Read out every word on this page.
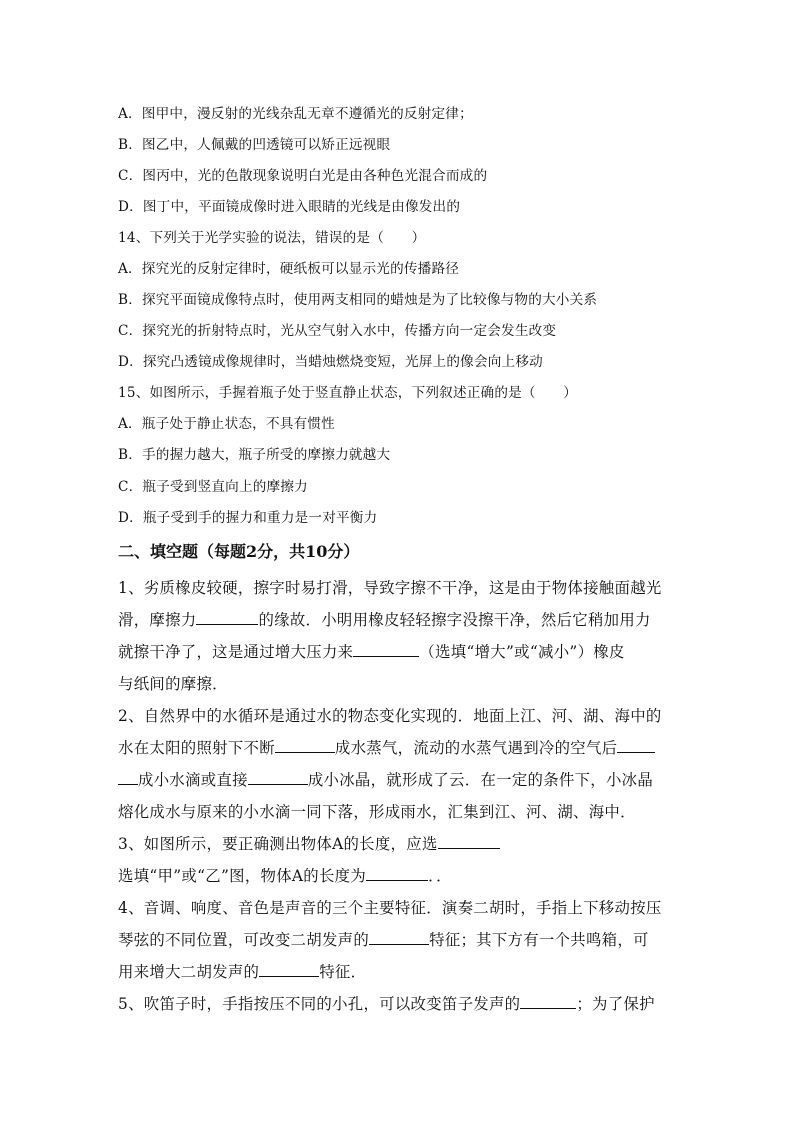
A．图甲中，漫反射的光线杂乱无章不遵循光的反射定律；
B．图乙中，人佩戴的凹透镜可以矫正远视眼
C．图丙中，光的色散现象说明白光是由各种色光混合而成的
D．图丁中，平面镜成像时进入眼睛的光线是由像发出的
14、下列关于光学实验的说法，错误的是（　　）
A．探究光的反射定律时，硬纸板可以显示光的传播路径
B．探究平面镜成像特点时，使用两支相同的蜡烛是为了比较像与物的大小关系
C．探究光的折射特点时，光从空气射入水中，传播方向一定会发生改变
D．探究凸透镜成像规律时，当蜡烛燃烧变短，光屏上的像会向上移动
15、如图所示，手握着瓶子处于竖直静止状态，下列叙述正确的是（　　）
A．瓶子处于静止状态，不具有惯性
B．手的握力越大，瓶子所受的摩擦力就越大
C．瓶子受到竖直向上的摩擦力
D．瓶子受到手的握力和重力是一对平衡力
二、填空题（每题2分，共10分）
1、劣质橡皮较硬，擦字时易打滑，导致字擦不干净，这是由于物体接触面越光
滑，摩擦力	的缘故．小明用橡皮轻轻擦字没擦干净，然后它稍加用力
就擦干净了，这是通过增大压力来	（选填“增大”或“减小”）橡皮
与纸间的摩擦．
2、自然界中的水循环是通过水的物态变化实现的．地面上江、河、湖、海中的
水在太阳的照射下不断	成水蒸气，流动的水蒸气遇到冷的空气后
成小水滴或直接	成小冰晶，就形成了云．在一定的条件下，小冰晶
熔化成水与原来的小水滴一同下落，形成雨水，汇集到江、河、湖、海中．
3、如图所示，要正确测出物体A的长度，应选
选填“甲”或“乙”图，物体A的长度为	．．
4、音调、响度、音色是声音的三个主要特征．演奏二胡时，手指上下移动按压
琴弦的不同位置，可改变二胡发声的	特征；其下方有一个共鸣箱，可
用来增大二胡发声的	特征．
5、吹笛子时，手指按压不同的小孔，可以改变笛子发声的	；为了保护
